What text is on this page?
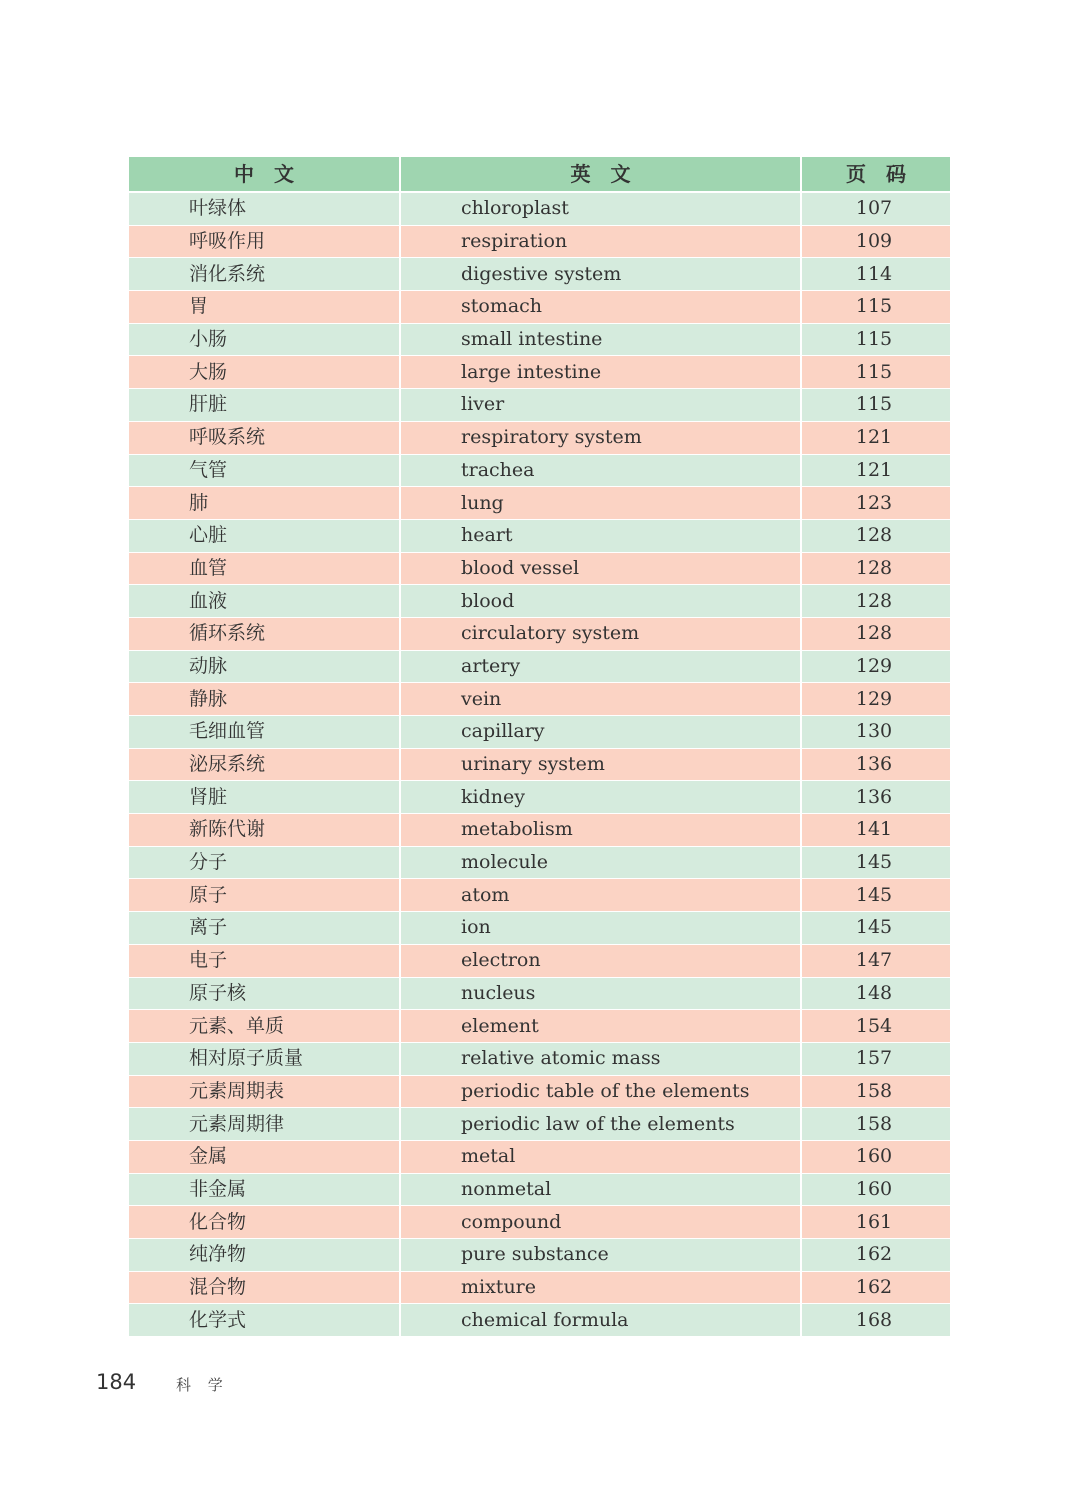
中　文	英　文	页　码
叶绿体	chloroplast	107
呼吸作用	respiration	109
消化系统	digestive system	114
胃	stomach	115
小肠	small intestine	115
大肠	large intestine	115
肝脏	liver	115
呼吸系统	respiratory system	121
气管	trachea	121
肺	lung	123
心脏	heart	128
血管	blood vessel	128
血液	blood	128
循环系统	circulatory system	128
动脉	artery	129
静脉	vein	129
毛细血管	capillary	130
泌尿系统	urinary system	136
肾脏	kidney	136
新陈代谢	metabolism	141
分子	molecule	145
原子	atom	145
离子	ion	145
电子	electron	147
原子核	nucleus	148
元素、单质	element	154
相对原子质量	relative atomic mass	157
元素周期表	periodic table of the elements	158
元素周期律	periodic law of the elements	158
金属	metal	160
非金属	nonmetal	160
化合物	compound	161
纯净物	pure substance	162
混合物	mixture	162
化学式	chemical formula	168
184	科 学
